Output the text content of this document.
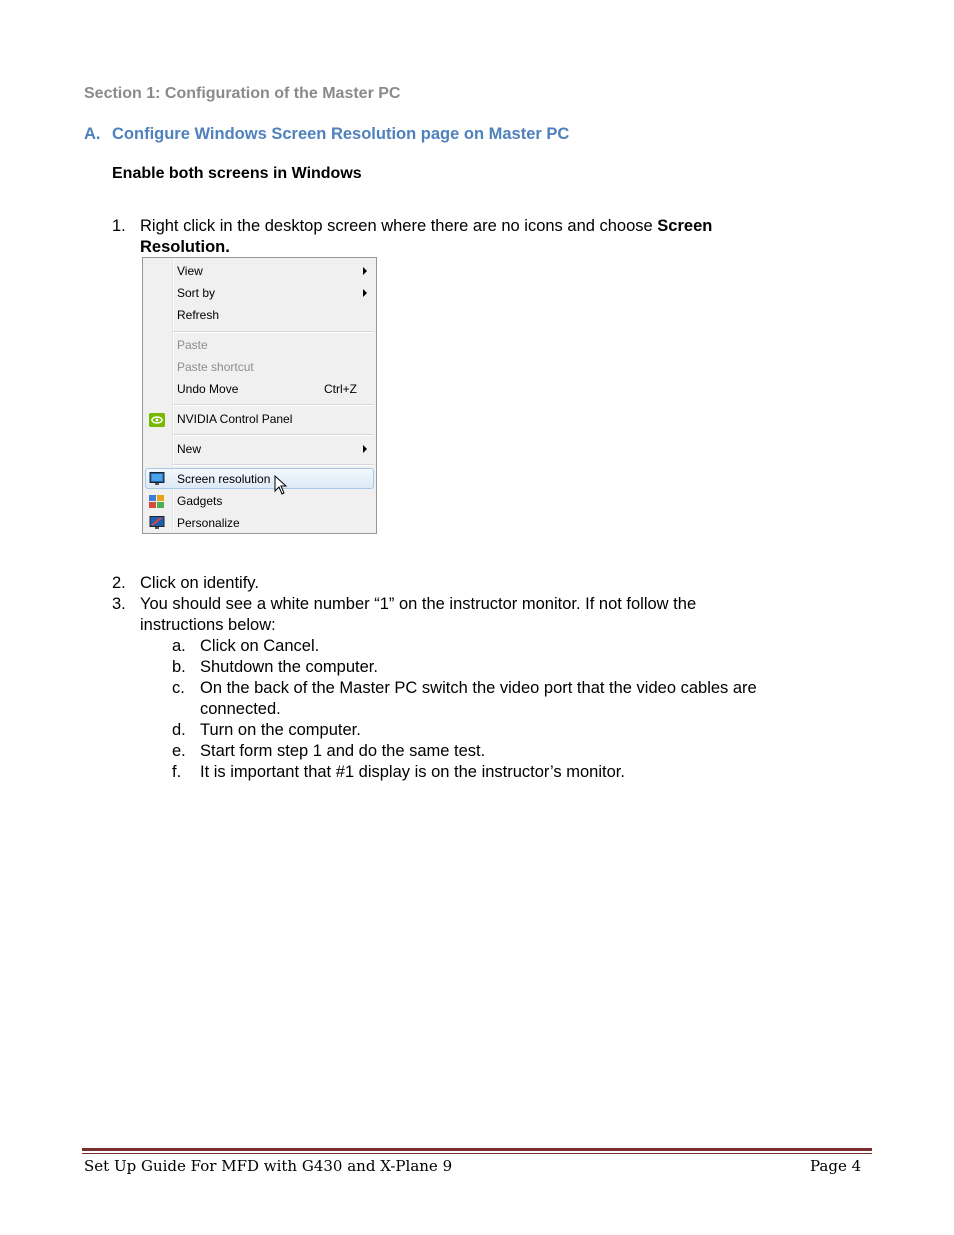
Section 1: Configuration of the Master PC
A. Configure Windows Screen Resolution page on Master PC
Enable both screens in Windows
1. Right click in the desktop screen where there are no icons and choose Screen
Resolution.
View
Sort by
Refresh
Paste
Paste shortcut
Undo Move	Ctrl+Z
NVIDIA Control Panel
New
Screen resolution
Gadgets
Personalize
2. Click on identify.
3. You should see a white number “1” on the instructor monitor. If not follow the
instructions below:
a. Click on Cancel.
b. Shutdown the computer.
c. On the back of the Master PC switch the video port that the video cables are
connected.
d. Turn on the computer.
e. Start form step 1 and do the same test.
f.	It is important that #1 display is on the instructor’s monitor.
Set Up Guide For MFD with G430 and X-Plane 9	Page 4
